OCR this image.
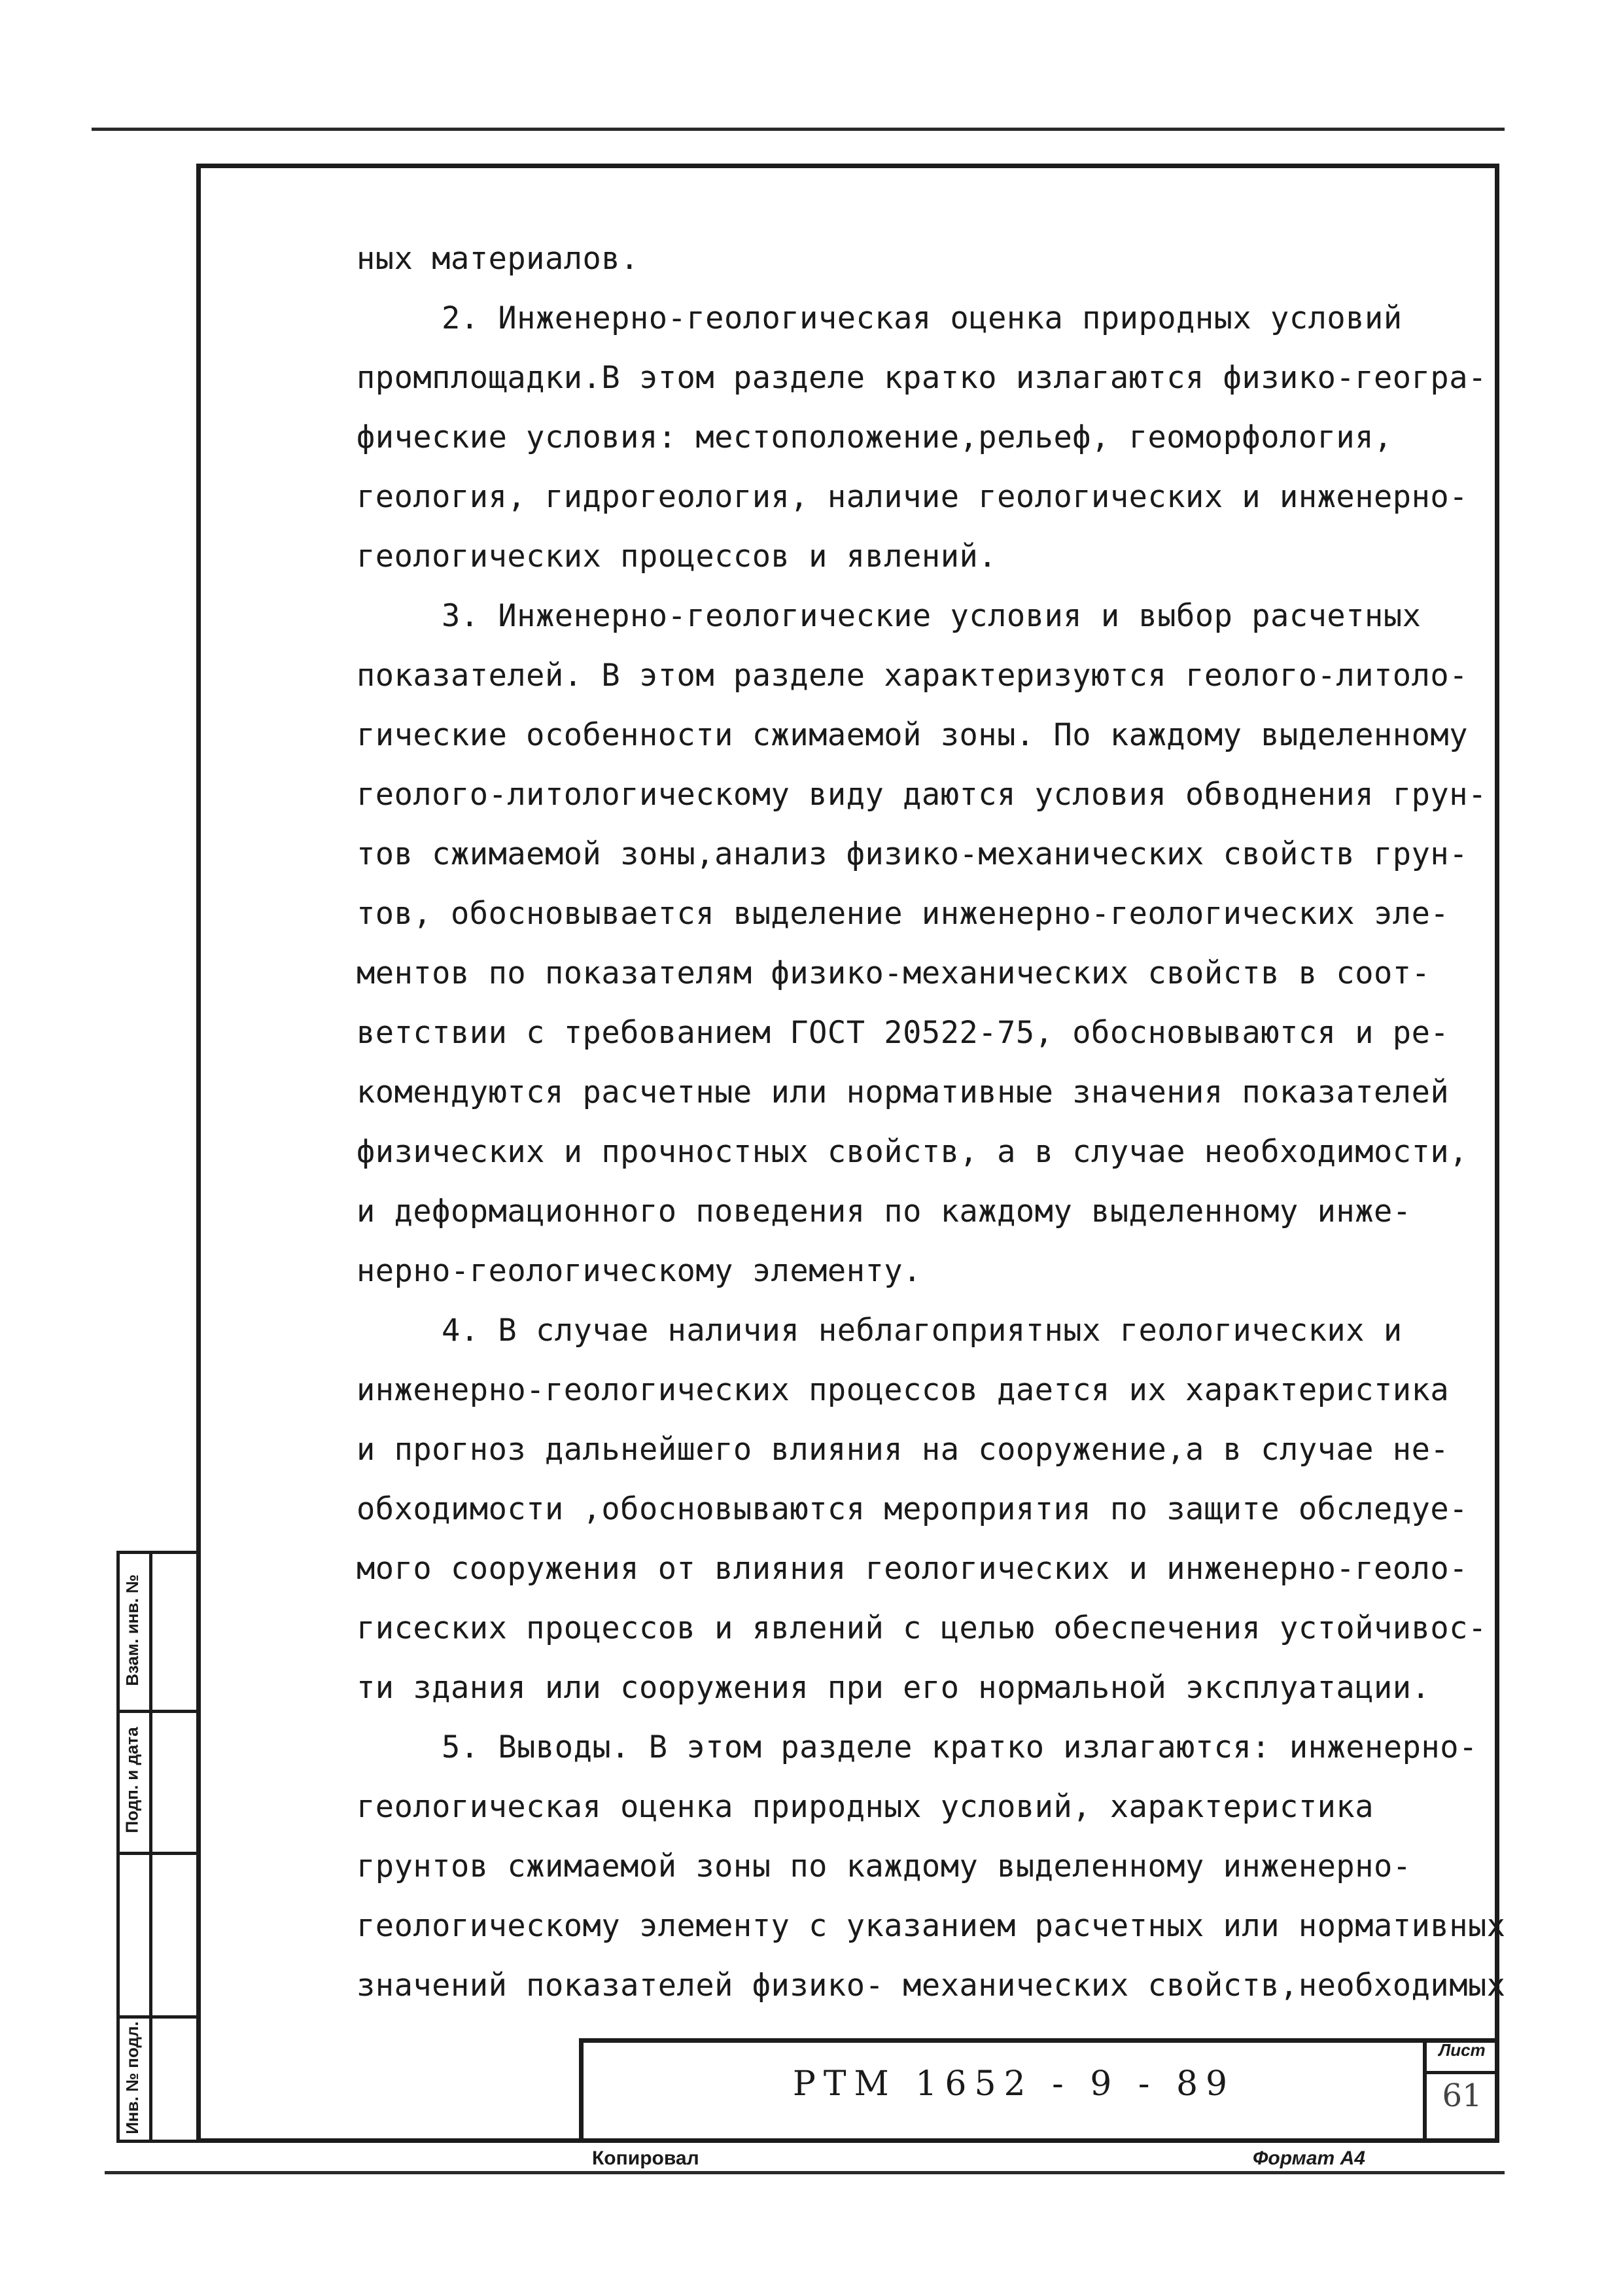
ных материалов.

2. Инженерно-геологическая оценка природных условий

промплощадки.В этом разделе кратко излагаются физико-геогра-

фические условия: местоположение,рельеф, геоморфология,

геология, гидрогеология, наличие геологических и инженерно-

геологических процессов и явлений.

3. Инженерно-геологические условия и выбор расчетных

показателей. В этом разделе характеризуются геолого-литоло-

гические особенности сжимаемой зоны. По каждому выделенному

геолого-литологическому виду даются условия обводнения грун-

тов сжимаемой зоны,анализ физико-механических свойств грун-

тов, обосновывается выделение инженерно-геологических эле-

ментов по показателям физико-механических свойств в соот-

ветствии с требованием ГОСТ 20522-75, обосновываются и ре-

комендуются расчетные или нормативные значения показателей

физических и прочностных свойств, а в случае необходимости,

и деформационного поведения по каждому выделенному инже-

нерно-геологическому элементу.

4. В случае наличия неблагоприятных геологических и

инженерно-геологических процессов дается их характеристика

и прогноз дальнейшего влияния на сооружение,а в случае не-

обходимости ,обосновываются мероприятия по защите обследуе-

мого сооружения от влияния геологических и инженерно-геоло-

гисеских процессов и явлений с целью обеспечения устойчивос-

ти здания или сооружения при его нормальной эксплуатации.

5. Выводы. В этом разделе кратко излагаются: инженерно-

геологическая оценка природных условий, характеристика

грунтов сжимаемой зоны по каждому выделенному инженерно-

геологическому элементу с указанием расчетных или нормативных

значений показателей физико- механических свойств,необходимых

Взам. инв. №
Подп. и дата
Инв. № подл.	РТМ 1652 - 9 - 89
Лист
61
Копировал	Формат А4
